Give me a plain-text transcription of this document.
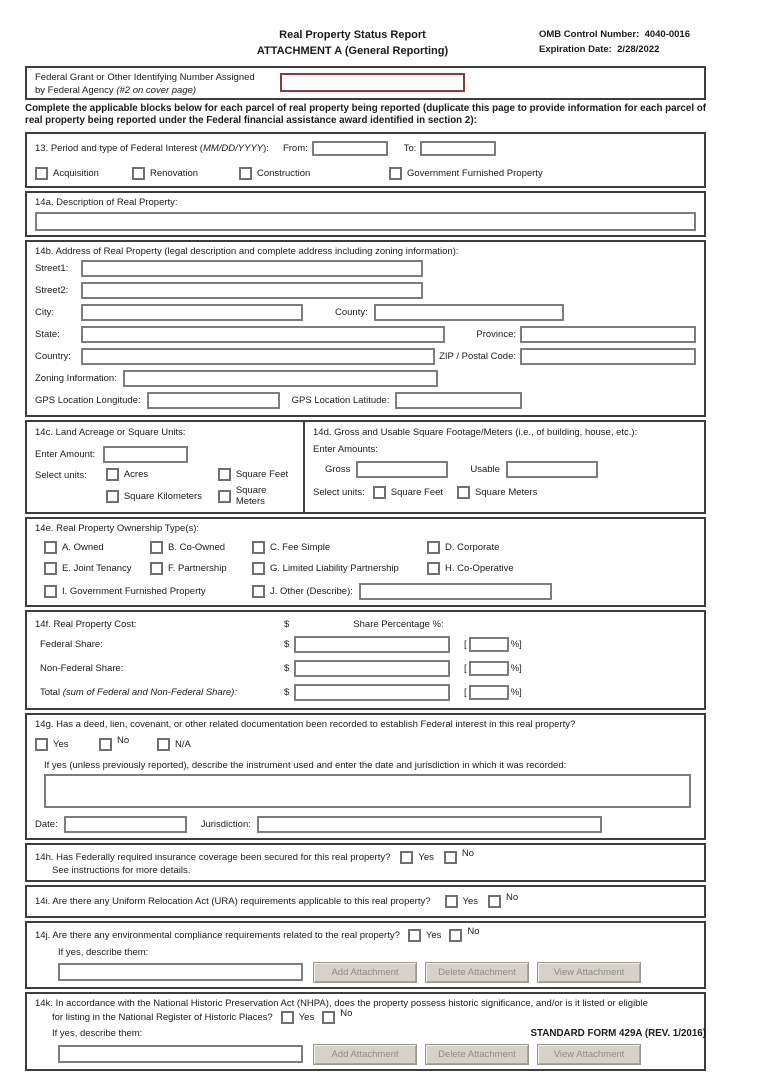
Real Property Status Report
ATTACHMENT A (General Reporting)
OMB Control Number: 4040-0016
Expiration Date: 2/28/2022
Federal Grant or Other Identifying Number Assigned
by Federal Agency (#2 on cover page)
Complete the applicable blocks below for each parcel of real property being reported (duplicate this page to provide information for each parcel of real property being reported under the Federal financial assistance award identified in section 2):
13. Period and type of Federal Interest (MM/DD/YYYY): From:	To:
Acquisition	Renovation	Construction	Government Furnished Property
14a. Description of Real Property:
14b. Address of Real Property (legal description and complete address including zoning information):
Street1:
Street2:
City:	County:
State:	Province:
Country:	ZIP / Postal Code:
Zoning Information:
GPS Location Longitude:	GPS Location Latitude:
14c. Land Acreage or Square Units:
Enter Amount:
Select units:	Acres	Square Feet
Square Kilometers	Square Meters
14d. Gross and Usable Square Footage/Meters (i.e., of building, house, etc.):
Enter Amounts:
Gross	Usable
Select units:	Square Feet	Square Meters
14e. Real Property Ownership Type(s):
A. Owned	B. Co-Owned	C. Fee Simple	D. Corporate
E. Joint Tenancy	F. Partnership	G. Limited Liability Partnership	H. Co-Operative
I. Government Furnished Property	J. Other (Describe):
14f. Real Property Cost:	$	Share Percentage %:
Federal Share:	$	[	%]
Non-Federal Share:	$	[	%]
Total (sum of Federal and Non-Federal Share):	$	[	%]
14g. Has a deed, lien, covenant, or other related documentation been recorded to establish Federal interest in this real property?
Yes	No	N/A
If yes (unless previously reported), describe the instrument used and enter the date and jurisdiction in which it was recorded:
Date:	Jurisdiction:
14h. Has Federally required insurance coverage been secured for this real property?	Yes	No
See instructions for more details.
14i. Are there any Uniform Relocation Act (URA) requirements applicable to this real property?	Yes	No
14j. Are there any environmental compliance requirements related to the real property?	Yes	No
If yes, describe them:
Add Attachment	Delete Attachment	View Attachment
14k. In accordance with the National Historic Preservation Act (NHPA), does the property possess historic significance, and/or is it listed or eligible
for listing in the National Register of Historic Places?	Yes	No
If yes, describe them:
Add Attachment	Delete Attachment	View Attachment
STANDARD FORM 429A (REV. 1/2016)
